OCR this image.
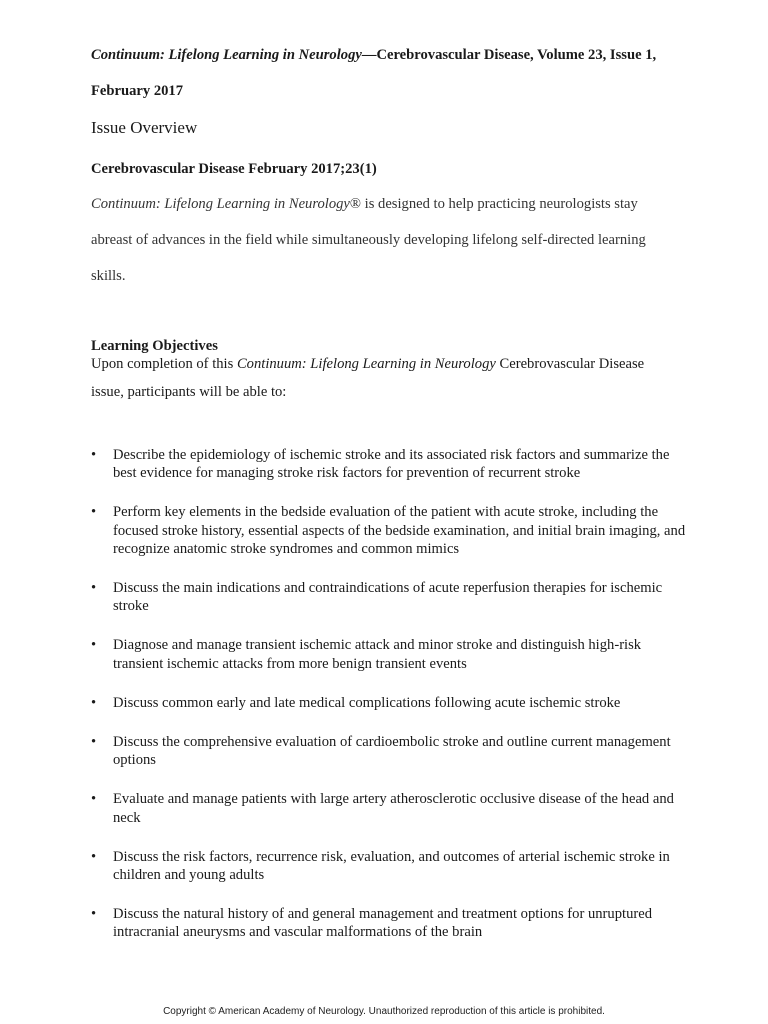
Continuum: Lifelong Learning in Neurology—Cerebrovascular Disease, Volume 23, Issue 1,
February 2017
Issue Overview
Cerebrovascular Disease February 2017;23(1)
Continuum: Lifelong Learning in Neurology® is designed to help practicing neurologists stay
abreast of advances in the field while simultaneously developing lifelong self-directed learning
skills.
Learning Objectives
Upon completion of this Continuum: Lifelong Learning in Neurology Cerebrovascular Disease
issue, participants will be able to:
•	Describe the epidemiology of ischemic stroke and its associated risk factors and summarize the best evidence for managing stroke risk factors for prevention of recurrent stroke
•	Perform key elements in the bedside evaluation of the patient with acute stroke, including the focused stroke history, essential aspects of the bedside examination, and initial brain imaging, and recognize anatomic stroke syndromes and common mimics
•	Discuss the main indications and contraindications of acute reperfusion therapies for ischemic stroke
•	Diagnose and manage transient ischemic attack and minor stroke and distinguish high-risk transient ischemic attacks from more benign transient events
•	Discuss common early and late medical complications following acute ischemic stroke
•	Discuss the comprehensive evaluation of cardioembolic stroke and outline current management options
•	Evaluate and manage patients with large artery atherosclerotic occlusive disease of the head and neck
•	Discuss the risk factors, recurrence risk, evaluation, and outcomes of arterial ischemic stroke in children and young adults
•	Discuss the natural history of and general management and treatment options for unruptured intracranial aneurysms and vascular malformations of the brain
Copyright © American Academy of Neurology. Unauthorized reproduction of this article is prohibited.
